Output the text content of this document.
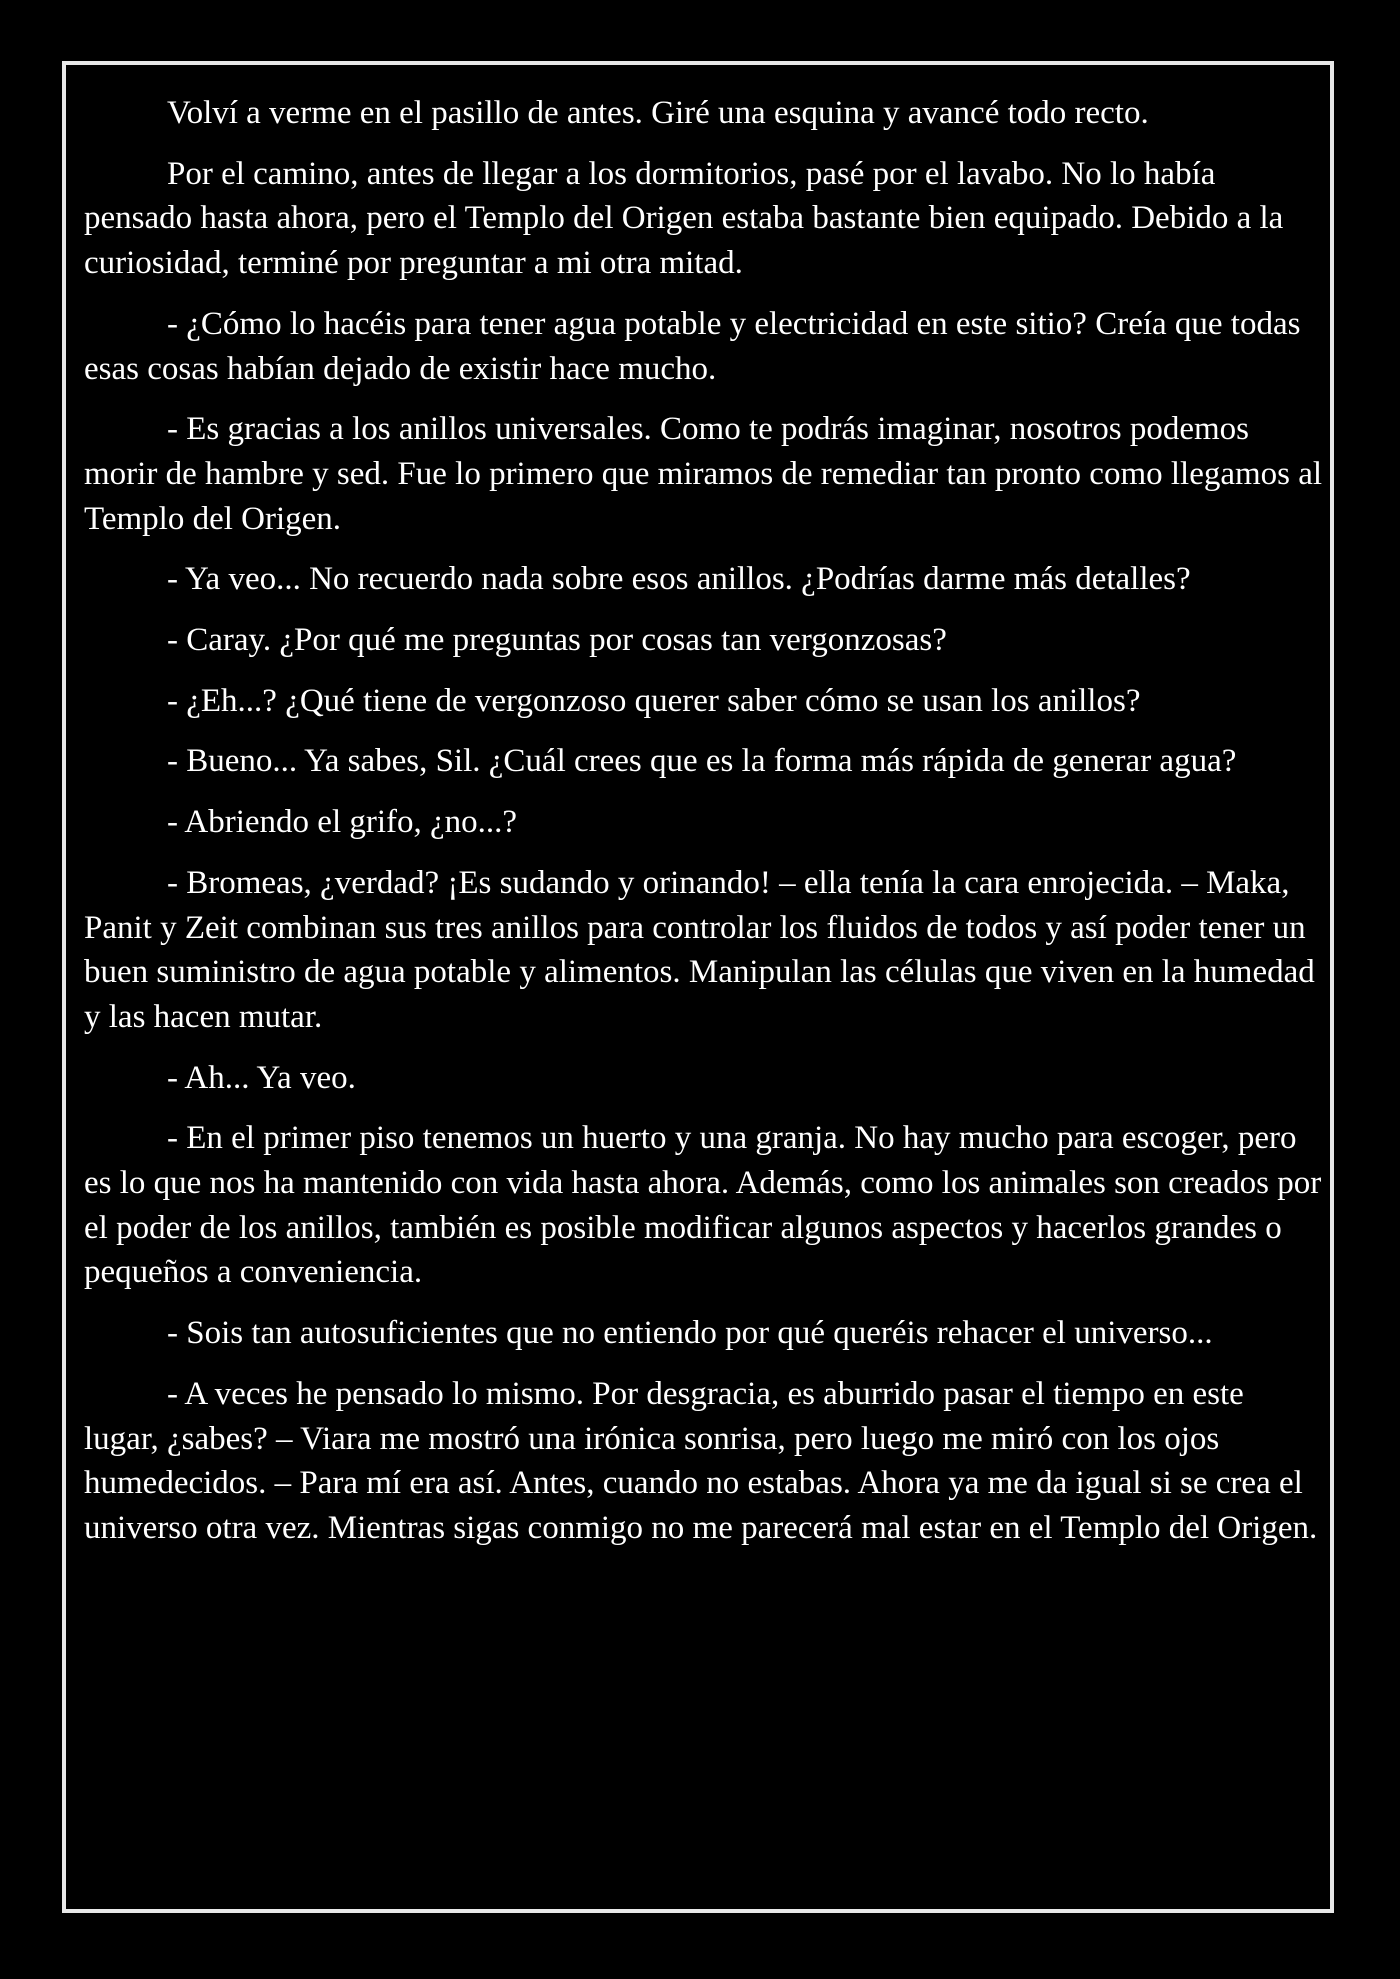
Volví a verme en el pasillo de antes. Giré una esquina y avancé todo recto.

Por el camino, antes de llegar a los dormitorios, pasé por el lavabo. No lo había pensado hasta ahora, pero el Templo del Origen estaba bastante bien equipado. Debido a la curiosidad, terminé por preguntar a mi otra mitad.

- ¿Cómo lo hacéis para tener agua potable y electricidad en este sitio? Creía que todas esas cosas habían dejado de existir hace mucho.

- Es gracias a los anillos universales. Como te podrás imaginar, nosotros podemos morir de hambre y sed. Fue lo primero que miramos de remediar tan pronto como llegamos al Templo del Origen.

- Ya veo... No recuerdo nada sobre esos anillos. ¿Podrías darme más detalles?

- Caray. ¿Por qué me preguntas por cosas tan vergonzosas?

- ¿Eh...? ¿Qué tiene de vergonzoso querer saber cómo se usan los anillos?

- Bueno... Ya sabes, Sil. ¿Cuál crees que es la forma más rápida de generar agua?

- Abriendo el grifo, ¿no...?

- Bromeas, ¿verdad? ¡Es sudando y orinando! – ella tenía la cara enrojecida. – Maka, Panit y Zeit combinan sus tres anillos para controlar los fluidos de todos y así poder tener un buen suministro de agua potable y alimentos. Manipulan las células que viven en la humedad y las hacen mutar.

- Ah... Ya veo.

- En el primer piso tenemos un huerto y una granja. No hay mucho para escoger, pero es lo que nos ha mantenido con vida hasta ahora. Además, como los animales son creados por el poder de los anillos, también es posible modificar algunos aspectos y hacerlos grandes o pequeños a conveniencia.

- Sois tan autosuficientes que no entiendo por qué queréis rehacer el universo...

- A veces he pensado lo mismo. Por desgracia, es aburrido pasar el tiempo en este lugar, ¿sabes? – Viara me mostró una irónica sonrisa, pero luego me miró con los ojos humedecidos. – Para mí era así. Antes, cuando no estabas. Ahora ya me da igual si se crea el universo otra vez. Mientras sigas conmigo no me parecerá mal estar en el Templo del Origen.
